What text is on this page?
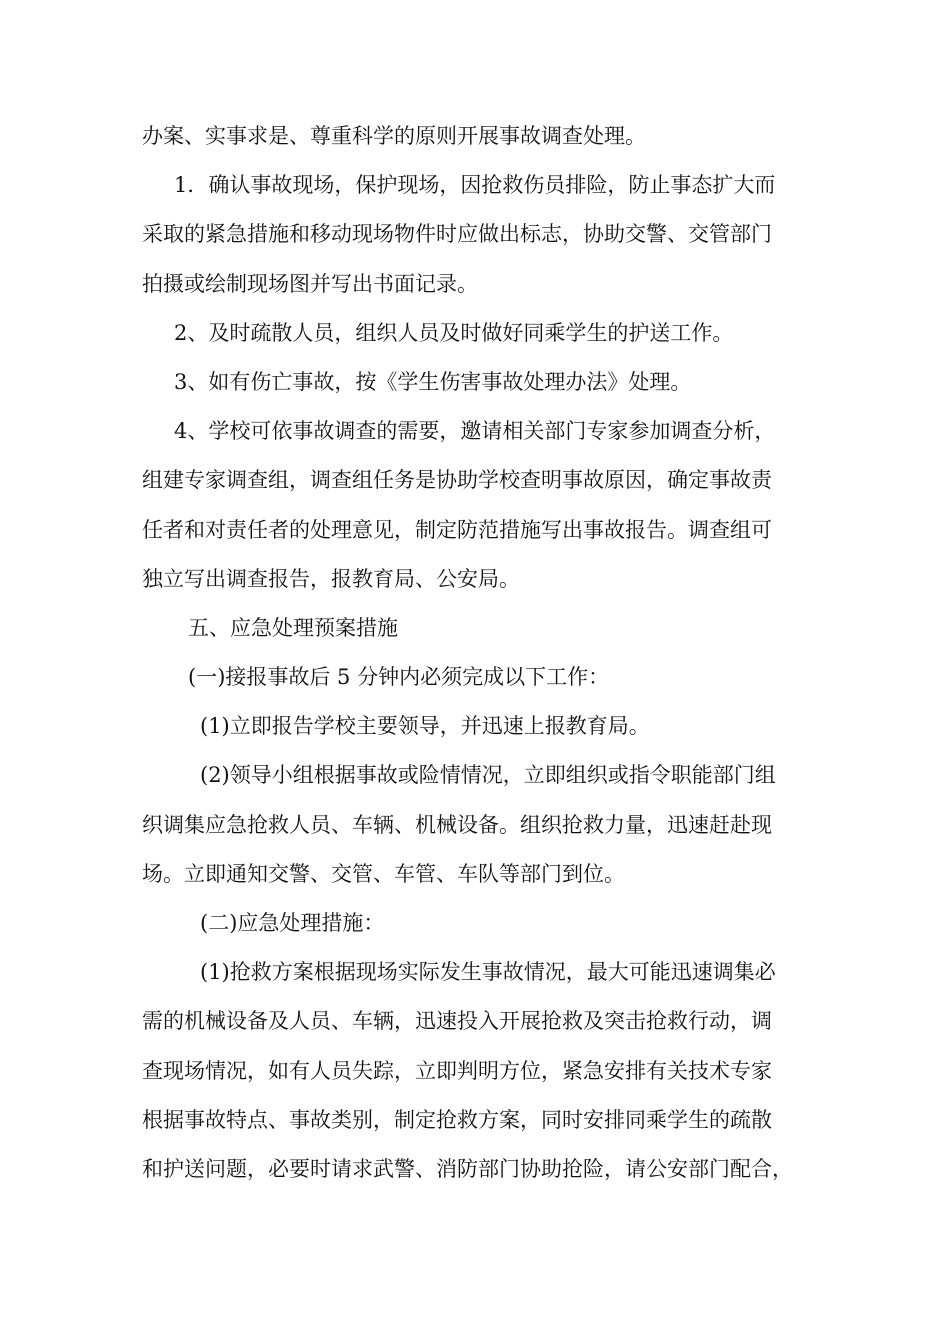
办案、实事求是、尊重科学的原则开展事故调查处理。
1．确认事故现场，保护现场，因抢救伤员排险，防止事态扩大而
采取的紧急措施和移动现场物件时应做出标志，协助交警、交管部门
拍摄或绘制现场图并写出书面记录。
2、及时疏散人员，组织人员及时做好同乘学生的护送工作。
3、如有伤亡事故，按《学生伤害事故处理办法》处理。
4、学校可依事故调查的需要，邀请相关部门专家参加调查分析，
组建专家调查组，调查组任务是协助学校查明事故原因，确定事故责
任者和对责任者的处理意见，制定防范措施写出事故报告。调查组可
独立写出调查报告，报教育局、公安局。
五、应急处理预案措施
(一)接报事故后 5 分钟内必须完成以下工作：
(1)立即报告学校主要领导，并迅速上报教育局。
(2)领导小组根据事故或险情情况，立即组织或指令职能部门组
织调集应急抢救人员、车辆、机械设备。组织抢救力量，迅速赶赴现
场。立即通知交警、交管、车管、车队等部门到位。
(二)应急处理措施：
(1)抢救方案根据现场实际发生事故情况，最大可能迅速调集必
需的机械设备及人员、车辆，迅速投入开展抢救及突击抢救行动，调
查现场情况，如有人员失踪，立即判明方位，紧急安排有关技术专家
根据事故特点、事故类别，制定抢救方案，同时安排同乘学生的疏散
和护送问题，必要时请求武警、消防部门协助抢险，请公安部门配合，
